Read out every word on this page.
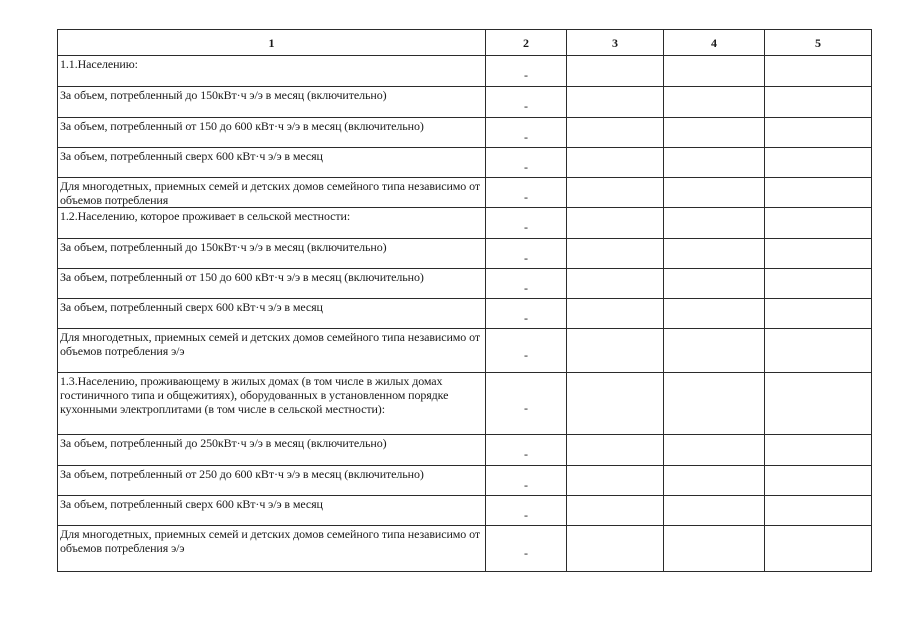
1	2	3	4	5
1.1.Населению:	-			
За объем, потребленный до 150кВт·ч э/э в месяц (включительно)	-			
За объем, потребленный от 150 до 600 кВт·ч э/э в месяц (включительно)	-			
За объем, потребленный сверх 600 кВт·ч э/э в месяц	-			
Для многодетных, приемных семей и детских домов семейного типа независимо от объемов потребления	-			
1.2.Населению, которое проживает в сельской местности:	-			
За объем, потребленный до 150кВт·ч э/э в месяц (включительно)	-			
За объем, потребленный от 150 до 600 кВт·ч э/э в месяц (включительно)	-			
За объем, потребленный сверх 600 кВт·ч э/э в месяц	-			
Для многодетных, приемных семей и детских домов семейного типа независимо от объемов потребления э/э	-			
1.3.Населению, проживающему в жилых домах (в том числе в жилых домах гостиничного типа и общежитиях), оборудованных в установленном порядке кухонными электроплитами (в том числе в сельской местности):	-			
За объем, потребленный до 250кВт·ч э/э в месяц (включительно)	-			
За объем, потребленный от 250 до 600 кВт·ч э/э в месяц (включительно)	-			
За объем, потребленный сверх 600 кВт·ч э/э в месяц	-			
Для многодетных, приемных семей и детских домов семейного типа независимо от объемов потребления э/э	-			
